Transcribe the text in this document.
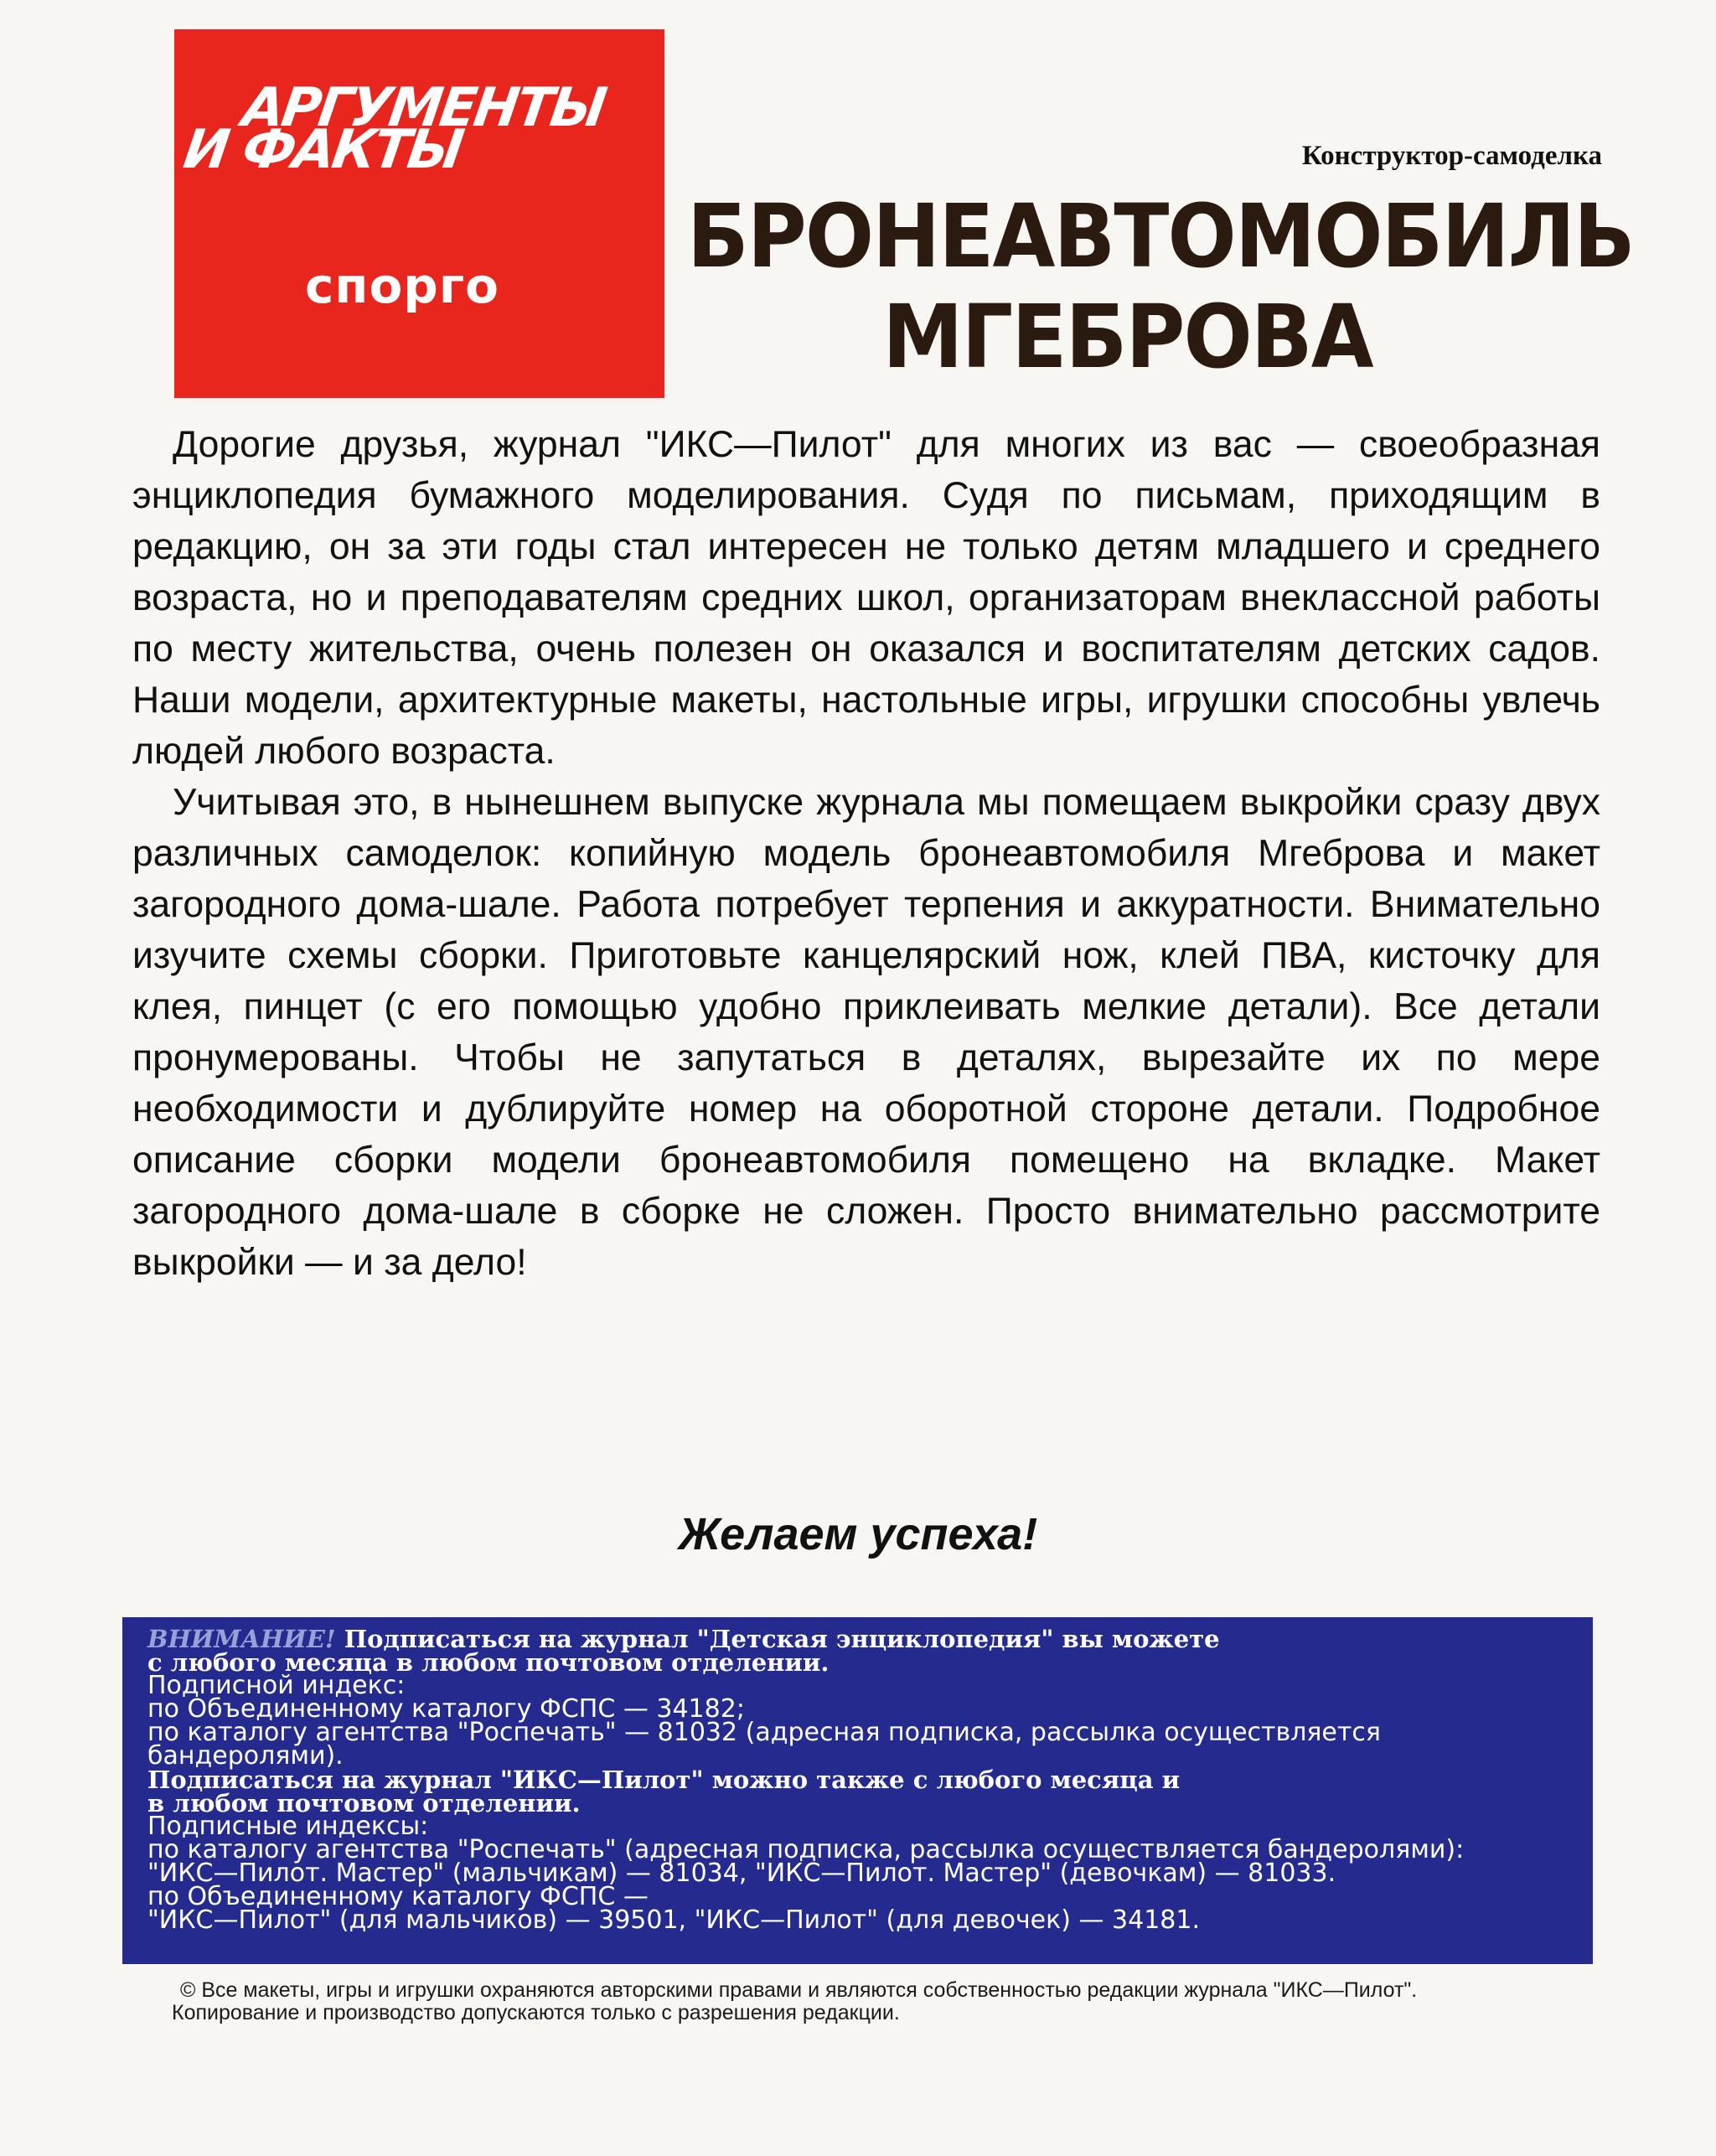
АРГУМЕНТЫ
И ФАКТЫ
спорго
Конструктор-самоделка
БРОНЕАВТОМОБИЛЬ
МГЕБРОВА

Дорогие друзья, журнал "ИКС—Пилот" для многих из вас — своеобразная энциклопедия бумажного моделирования. Судя по письмам, приходящим в редакцию, он за эти годы стал интересен не только детям младшего и среднего возраста, но и преподавателям средних школ, организаторам внеклассной работы по месту жительства, очень полезен он оказался и воспитателям детских садов. Наши модели, архитектурные макеты, настольные игры, игрушки способны увлечь людей любого возраста.

Учитывая это, в нынешнем выпуске журнала мы помещаем выкройки сразу двух различных самоделок: копийную модель бронеавтомобиля Мгеброва и макет загородного дома-шале. Работа потребует терпения и аккуратности. Внимательно изучите схемы сборки. Приготовьте канцелярский нож, клей ПВА, кисточку для клея, пинцет (с его помощью удобно приклеивать мелкие детали). Все детали пронумерованы. Чтобы не запутаться в деталях, вырезайте их по мере необходимости и дублируйте номер на оборотной стороне детали. Подробное описание сборки модели бронеавтомобиля помещено на вкладке. Макет загородного дома-шале в сборке не сложен. Просто внимательно рассмотрите выкройки — и за дело!

Желаем успеха!
ВНИМАНИЕ! Подписаться на журнал "Детская энциклопедия" вы можете
с любого месяца в любом почтовом отделении.
Подписной индекс:
по Объединенному каталогу ФСПС — 34182;
по каталогу агентства "Роспечать" — 81032 (адресная подписка, рассылка осуществляется
бандеролями).
Подписаться на журнал "ИКС—Пилот" можно также с любого месяца и
в любом почтовом отделении.
Подписные индексы:
по каталогу агентства "Роспечать" (адресная подписка, рассылка осуществляется бандеролями):
"ИКС—Пилот. Мастер" (мальчикам) — 81034, "ИКС—Пилот. Мастер" (девочкам) — 81033.
по Объединенному каталогу ФСПС —
"ИКС—Пилот" (для мальчиков) — 39501, "ИКС—Пилот" (для девочек) — 34181.
© Все макеты, игры и игрушки охраняются авторскими правами и являются собственностью редакции журнала "ИКС—Пилот".
Копирование и производство допускаются только с разрешения редакции.
